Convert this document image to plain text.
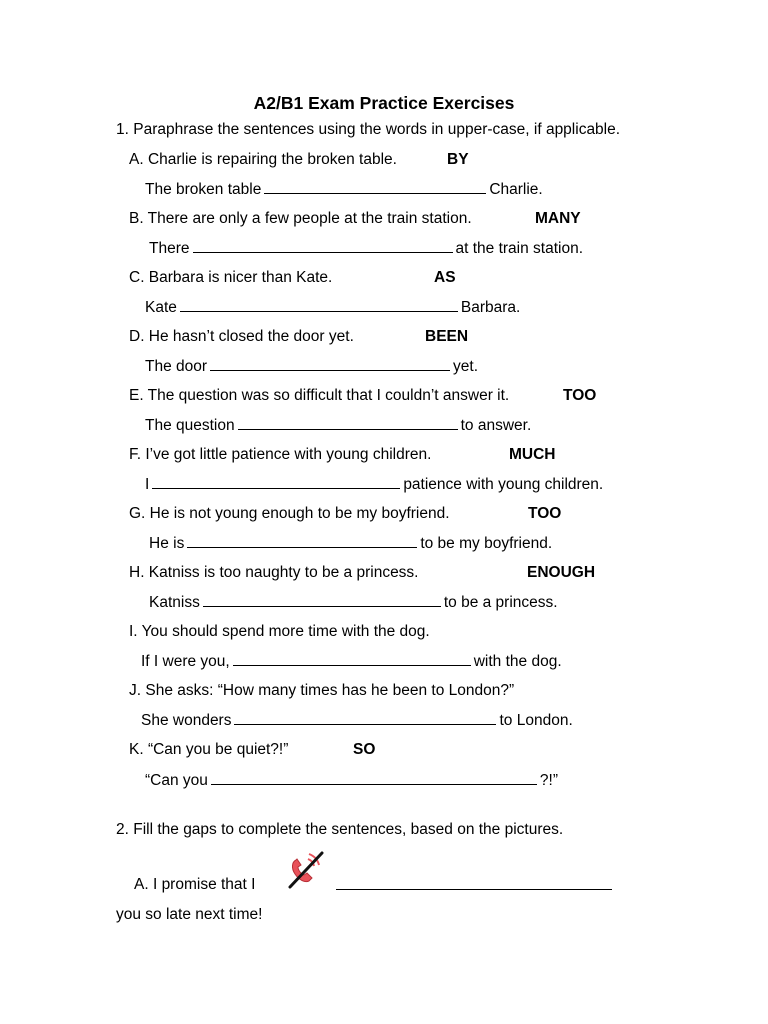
A2/B1 Exam Practice Exercises
1. Paraphrase the sentences using the words in upper-case, if applicable.
A. Charlie is repairing the broken table.	BY
The broken table	Charlie.
B. There are only a few people at the train station.	MANY
There	at the train station.
C. Barbara is nicer than Kate.	AS
Kate	Barbara.
D. He hasn’t closed the door yet.	BEEN
The door	yet.
E. The question was so difficult that I couldn’t answer it.	TOO
The question	to answer.
F. I’ve got little patience with young children.	MUCH
I	patience with young children.
G. He is not young enough to be my boyfriend.	TOO
He is	to be my boyfriend.
H. Katniss is too naughty to be a princess.	ENOUGH
Katniss	to be a princess.
I. You should spend more time with the dog.
If I were you,	with the dog.
J. She asks: “How many times has he been to London?”
She wonders	to London.
K. “Can you be quiet?!”	SO
“Can you	?!”
2. Fill the gaps to complete the sentences, based on the pictures.
A. I promise that I
you so late next time!
